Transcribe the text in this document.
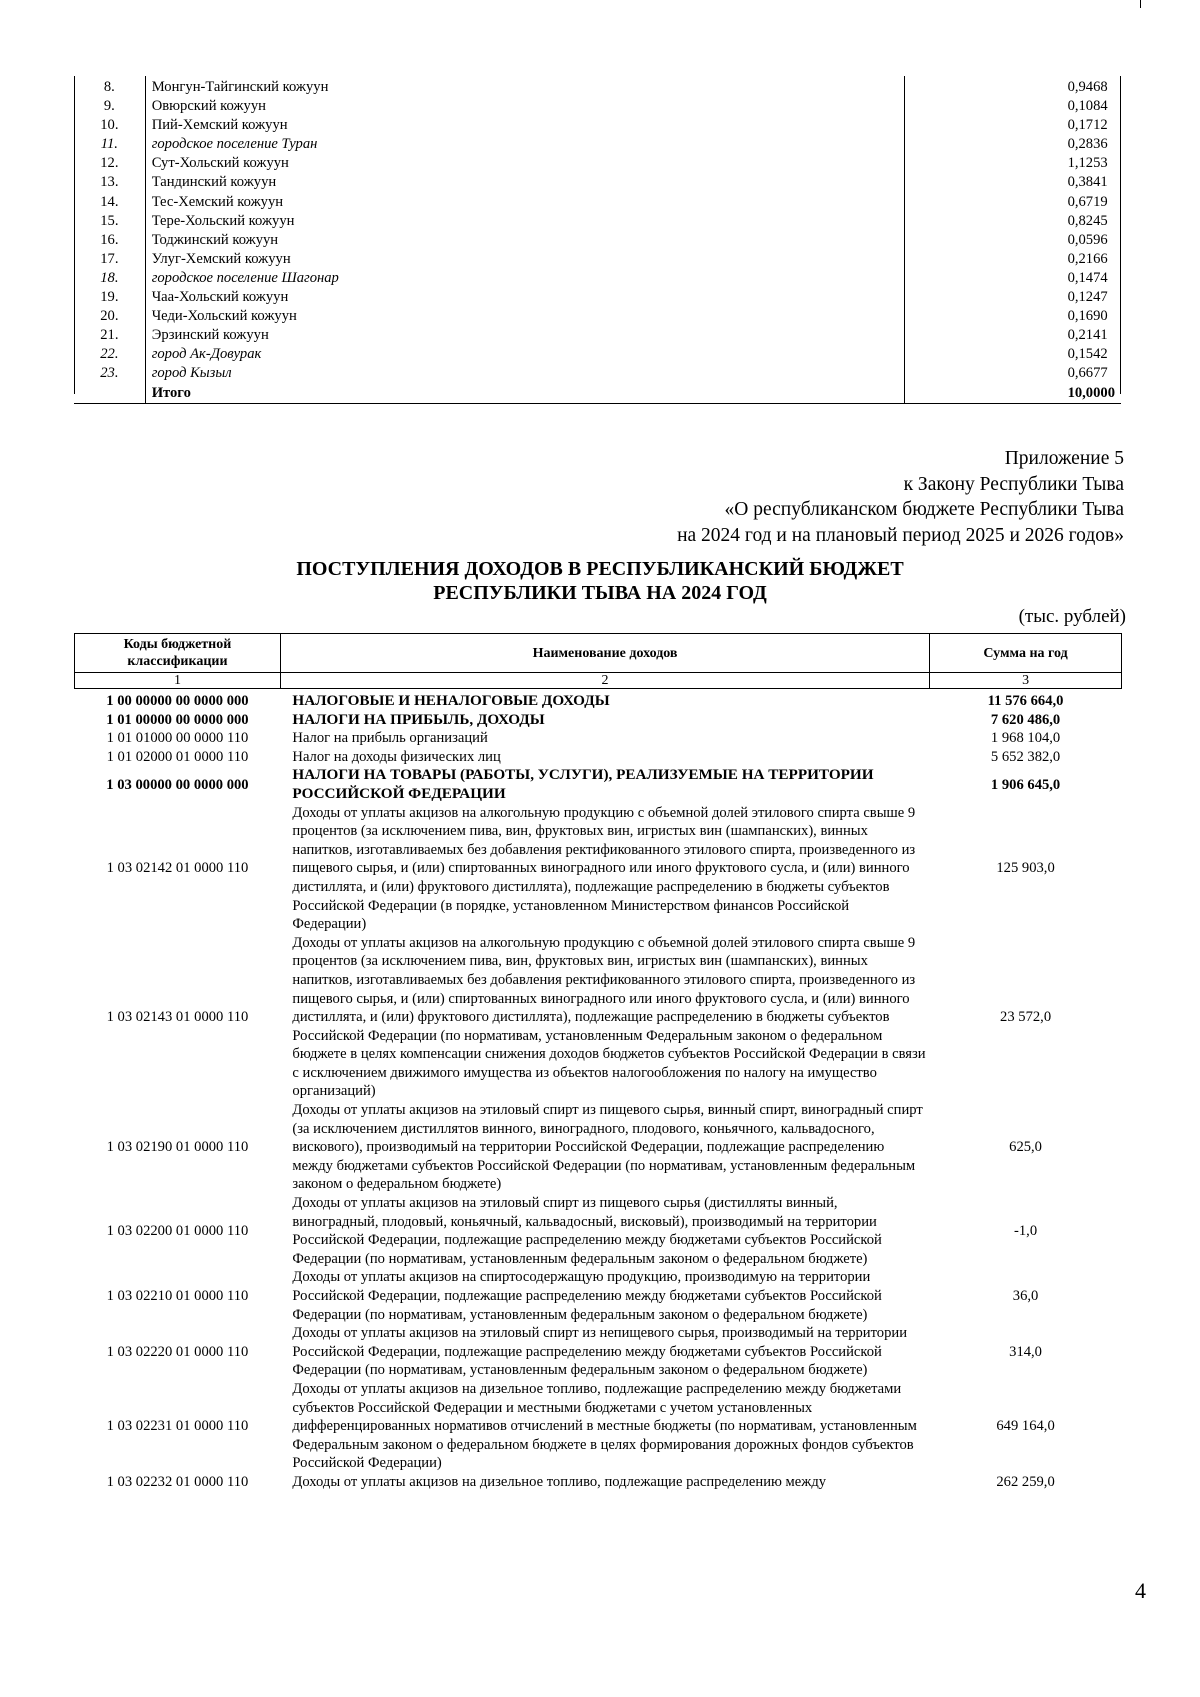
8.	Монгун-Тайгинский кожуун	0,9468
9.	Овюрский кожуун	0,1084
10.	Пий-Хемский кожуун	0,1712
11.	городское поселение Туран	0,2836
12.	Сут-Хольский кожуун	1,1253
13.	Тандинский кожуун	0,3841
14.	Тес-Хемский кожуун	0,6719
15.	Тере-Хольский кожуун	0,8245
16.	Тоджинский кожуун	0,0596
17.	Улуг-Хемский кожуун	0,2166
18.	городское поселение Шагонар	0,1474
19.	Чаа-Хольский кожуун	0,1247
20.	Чеди-Хольский кожуун	0,1690
21.	Эрзинский кожуун	0,2141
22.	город Ак-Довурак	0,1542
23.	город Кызыл	0,6677
	Итого	10,0000
Приложение 5
к Закону Республики Тыва
«О республиканском бюджете Республики Тыва
на 2024 год и на плановый период 2025 и 2026 годов»
ПОСТУПЛЕНИЯ ДОХОДОВ В РЕСПУБЛИКАНСКИЙ БЮДЖЕТ
РЕСПУБЛИКИ ТЫВА НА 2024 ГОД
(тыс. рублей)
Коды бюджетной классификации	Наименование доходов	Сумма на год
1	2	3
1 00 00000 00 0000 000	НАЛОГОВЫЕ И НЕНАЛОГОВЫЕ ДОХОДЫ	11 576 664,0
1 01 00000 00 0000 000	НАЛОГИ НА ПРИБЫЛЬ, ДОХОДЫ	7 620 486,0
1 01 01000 00 0000 110	Налог на прибыль организаций	1 968 104,0
1 01 02000 01 0000 110	Налог на доходы физических лиц	5 652 382,0
1 03 00000 00 0000 000	НАЛОГИ НА ТОВАРЫ (РАБОТЫ, УСЛУГИ), РЕАЛИЗУЕМЫЕ НА ТЕРРИТОРИИ РОССИЙСКОЙ ФЕДЕРАЦИИ	1 906 645,0
1 03 02142 01 0000 110	Доходы от уплаты акцизов на алкогольную продукцию с объемной долей этилового спирта свыше 9 процентов (за исключением пива, вин, фруктовых вин, игристых вин (шампанских), винных напитков, изготавливаемых без добавления ректификованного этилового спирта, произведенного из пищевого сырья, и (или) спиртованных виноградного или иного фруктового сусла, и (или) винного дистиллята, и (или) фруктового дистиллята), подлежащие распределению в бюджеты субъектов Российской Федерации (в порядке, установленном Министерством финансов Российской Федерации)	125 903,0
1 03 02143 01 0000 110	Доходы от уплаты акцизов на алкогольную продукцию с объемной долей этилового спирта свыше 9 процентов (за исключением пива, вин, фруктовых вин, игристых вин (шампанских), винных напитков, изготавливаемых без добавления ректификованного этилового спирта, произведенного из пищевого сырья, и (или) спиртованных виноградного или иного фруктового сусла, и (или) винного дистиллята, и (или) фруктового дистиллята), подлежащие распределению в бюджеты субъектов Российской Федерации (по нормативам, установленным Федеральным законом о федеральном бюджете в целях компенсации снижения доходов бюджетов субъектов Российской Федерации в связи с исключением движимого имущества из объектов налогообложения по налогу на имущество организаций)	23 572,0
1 03 02190 01 0000 110	Доходы от уплаты акцизов на этиловый спирт из пищевого сырья, винный спирт, виноградный спирт (за исключением дистиллятов винного, виноградного, плодового, коньячного, кальвадосного, вискового), производимый на территории Российской Федерации, подлежащие распределению между бюджетами субъектов Российской Федерации (по нормативам, установленным федеральным законом о федеральном бюджете)	625,0
1 03 02200 01 0000 110	Доходы от уплаты акцизов на этиловый спирт из пищевого сырья (дистилляты винный, виноградный, плодовый, коньячный, кальвадосный, висковый), производимый на территории Российской Федерации, подлежащие распределению между бюджетами субъектов Российской Федерации (по нормативам, установленным федеральным законом о федеральном бюджете)	-1,0
1 03 02210 01 0000 110	Доходы от уплаты акцизов на спиртосодержащую продукцию, производимую на территории Российской Федерации, подлежащие распределению между бюджетами субъектов Российской Федерации (по нормативам, установленным федеральным законом о федеральном бюджете)	36,0
1 03 02220 01 0000 110	Доходы от уплаты акцизов на этиловый спирт из непищевого сырья, производимый на территории Российской Федерации, подлежащие распределению между бюджетами субъектов Российской Федерации (по нормативам, установленным федеральным законом о федеральном бюджете)	314,0
1 03 02231 01 0000 110	Доходы от уплаты акцизов на дизельное топливо, подлежащие распределению между бюджетами субъектов Российской Федерации и местными бюджетами с учетом установленных дифференцированных нормативов отчислений в местные бюджеты (по нормативам, установленным Федеральным законом о федеральном бюджете в целях формирования дорожных фондов субъектов Российской Федерации)	649 164,0
1 03 02232 01 0000 110	Доходы от уплаты акцизов на дизельное топливо, подлежащие распределению между	262 259,0
4
